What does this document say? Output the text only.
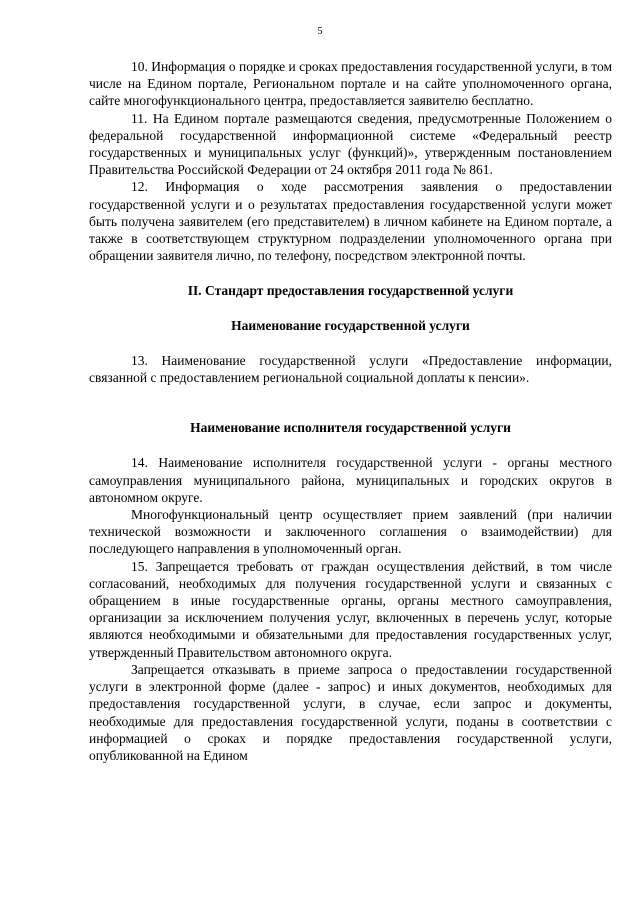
5

10. Информация о порядке и сроках предоставления государственной услуги, в том числе на Едином портале, Региональном портале и на сайте уполномоченного органа, сайте многофункционального центра, предоставляется заявителю бесплатно.

11. На Едином портале размещаются сведения, предусмотренные Положением о федеральной государственной информационной системе «Федеральный реестр государственных и муниципальных услуг (функций)», утвержденным постановлением Правительства Российской Федерации от 24 октября 2011 года № 861.

12. Информация о ходе рассмотрения заявления о предоставлении государственной услуги и о результатах предоставления государственной услуги может быть получена заявителем (его представителем) в личном кабинете на Едином портале, а также в соответствующем структурном подразделении уполномоченного органа при обращении заявителя лично, по телефону, посредством электронной почты.

II. Стандарт предоставления государственной услуги
Наименование государственной услуги

13. Наименование государственной услуги «Предоставление информации, связанной с предоставлением региональной социальной доплаты к пенсии».

Наименование исполнителя государственной услуги

14. Наименование исполнителя государственной услуги - органы местного самоуправления муниципального района, муниципальных и городских округов в автономном округе.

Многофункциональный центр осуществляет прием заявлений (при наличии технической возможности и заключенного соглашения о взаимодействии) для последующего направления в уполномоченный орган.

15. Запрещается требовать от граждан осуществления действий, в том числе согласований, необходимых для получения государственной услуги и связанных с обращением в иные государственные органы, органы местного самоуправления, организации за исключением получения услуг, включенных в перечень услуг, которые являются необходимыми и обязательными для предоставления государственных услуг, утвержденный Правительством автономного округа.

Запрещается отказывать в приеме запроса о предоставлении государственной услуги в электронной форме (далее - запрос) и иных документов, необходимых для предоставления государственной услуги, в случае, если запрос и документы, необходимые для предоставления государственной услуги, поданы в соответствии с информацией о сроках и порядке предоставления государственной услуги, опубликованной на Едином
